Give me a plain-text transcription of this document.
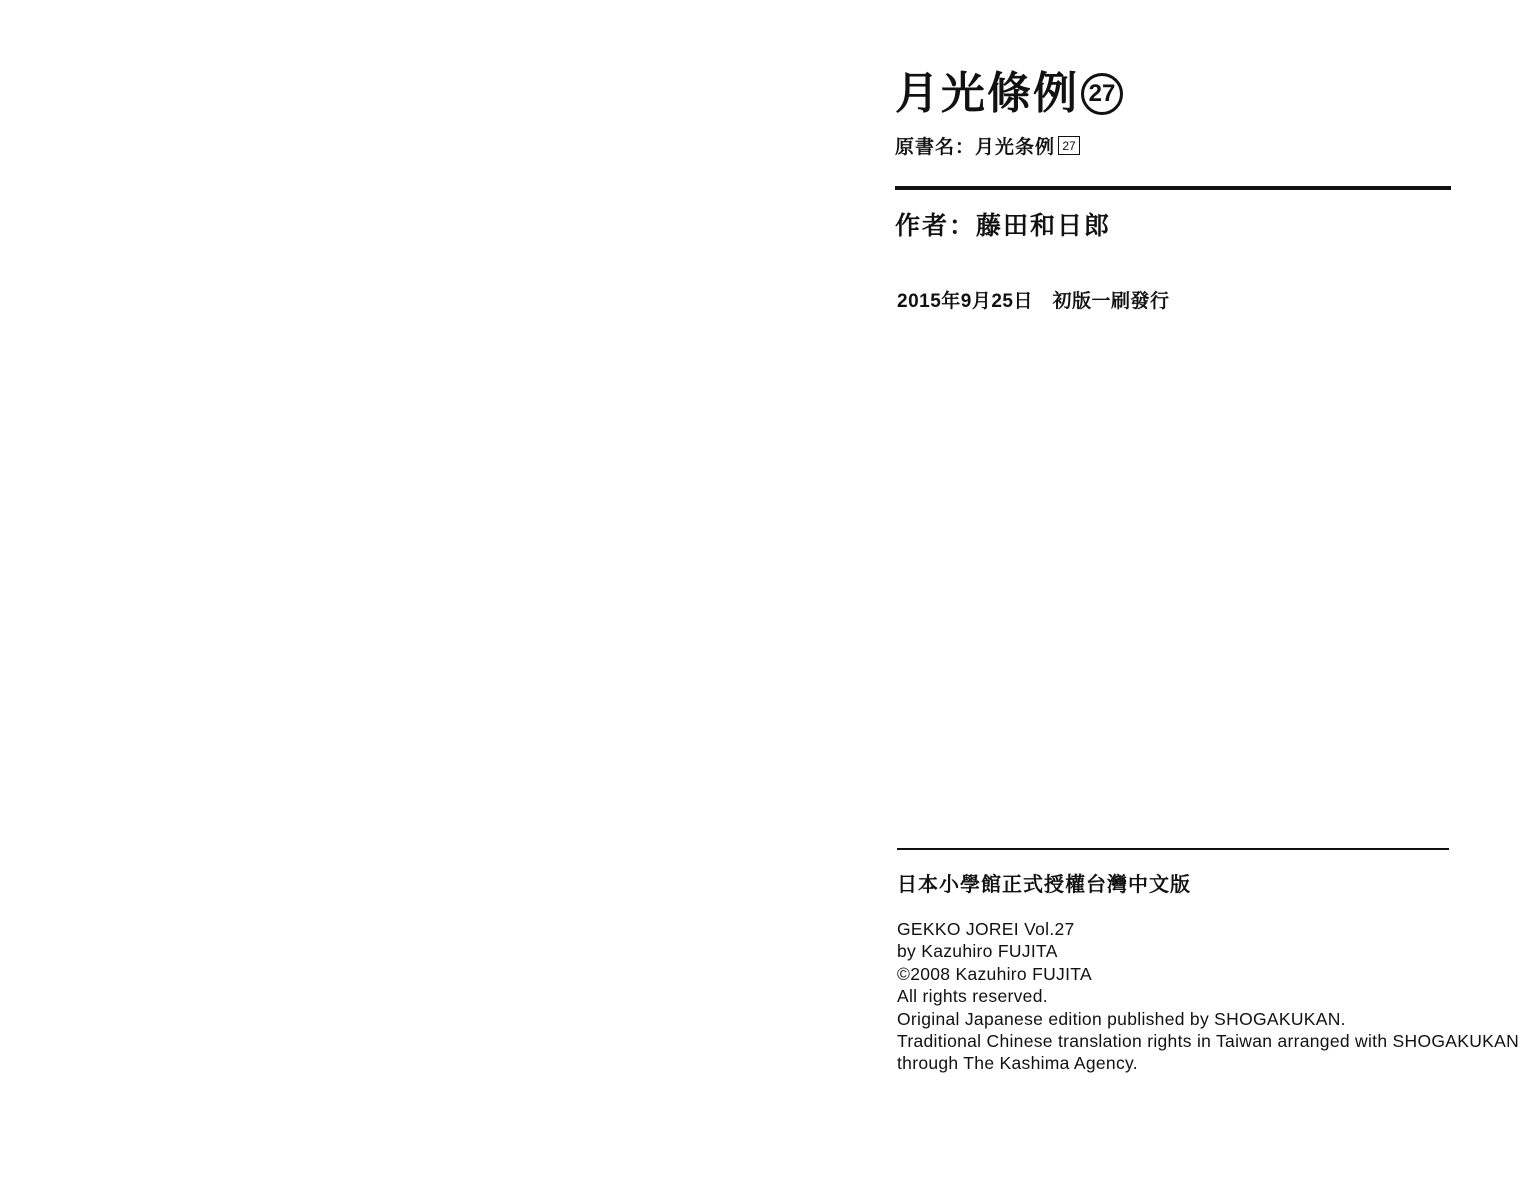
月光條例 27
原書名：月光条例 27
作者：藤田和日郎
2015年9月25日　初版一刷發行
日本小學館正式授權台灣中文版
GEKKO JOREI Vol.27
by Kazuhiro FUJITA
©2008 Kazuhiro FUJITA
All rights reserved.
Original Japanese edition published by SHOGAKUKAN.
Traditional Chinese translation rights in Taiwan arranged with SHOGAKUKAN
through The Kashima Agency.
